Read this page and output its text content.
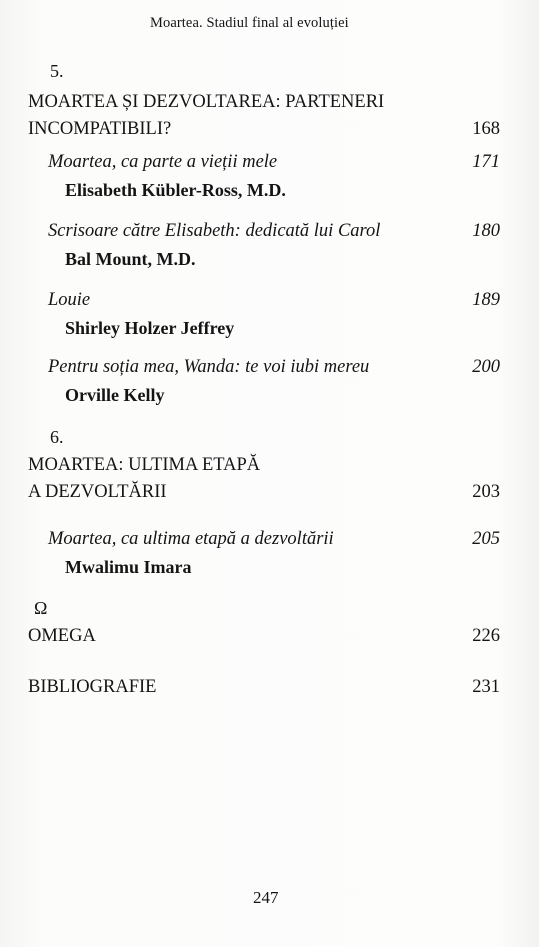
Moartea. Stadiul final al evoluției
5.
MOARTEA ȘI DEZVOLTAREA: PARTENERI
INCOMPATIBILI?	168
Moartea, ca parte a vieții mele	171
Elisabeth Kübler-Ross, M.D.
Scrisoare către Elisabeth: dedicată lui Carol	180
Bal Mount, M.D.
Louie	189
Shirley Holzer Jeffrey
Pentru soția mea, Wanda: te voi iubi mereu	200
Orville Kelly
6.
MOARTEA: ULTIMA ETAPĂ
A DEZVOLTĂRII	203
Moartea, ca ultima etapă a dezvoltării	205
Mwalimu Imara
Ω
OMEGA	226
BIBLIOGRAFIE	231
247
